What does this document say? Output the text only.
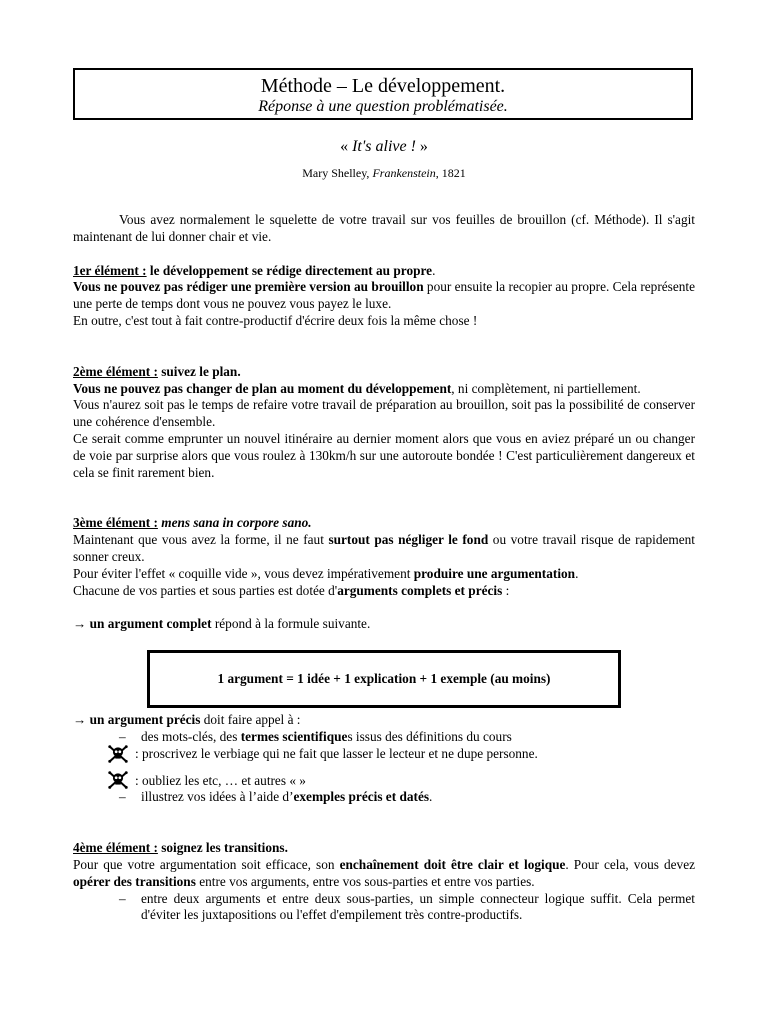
Méthode – Le développement.
Réponse à une question problématisée.
« It's alive ! »
Mary Shelley, Frankenstein, 1821

Vous avez normalement le squelette de votre travail sur vos feuilles de brouillon (cf. Méthode). Il s'agit maintenant de lui donner chair et vie.

1er élément : le développement se rédige directement au propre.

Vous ne pouvez pas rédiger une première version au brouillon pour ensuite la recopier au propre. Cela représente une perte de temps dont vous ne pouvez vous payez le luxe.

En outre, c'est tout à fait contre-productif d'écrire deux fois la même chose !

2ème élément : suivez le plan.

Vous ne pouvez pas changer de plan au moment du développement, ni complètement, ni partiellement.

Vous n'aurez soit pas le temps de refaire votre travail de préparation au brouillon, soit pas la possibilité de conserver une cohérence d'ensemble.

Ce serait comme emprunter un nouvel itinéraire au dernier moment alors que vous en aviez préparé un ou changer de voie par surprise alors que vous roulez à 130km/h sur une autoroute bondée ! C'est particulièrement dangereux et cela se finit rarement bien.

3ème élément : mens sana in corpore sano.

Maintenant que vous avez la forme, il ne faut surtout pas négliger le fond ou votre travail risque de rapidement sonner creux.

Pour éviter l'effet « coquille vide », vous devez impérativement produire une argumentation.

Chacune de vos parties et sous parties est dotée d'arguments complets et précis :

→ un argument complet répond à la formule suivante.

1 argument = 1 idée + 1 explication + 1 exemple (au moins)

→ un argument précis doit faire appel à :

– des mots-clés, des termes scientifiques issus des définitions du cours

: proscrivez le verbiage qui ne fait que lasser le lecteur et ne dupe personne.

: oubliez les etc, … et autres « »

– illustrez vos idées à l’aide d’exemples précis et datés.

4ème élément : soignez les transitions.

Pour que votre argumentation soit efficace, son enchaînement doit être clair et logique. Pour cela, vous devez opérer des transitions entre vos arguments, entre vos sous-parties et entre vos parties.

– entre deux arguments et entre deux sous-parties, un simple connecteur logique suffit. Cela permet d'éviter les juxtapositions ou l'effet d'empilement très contre-productifs.
